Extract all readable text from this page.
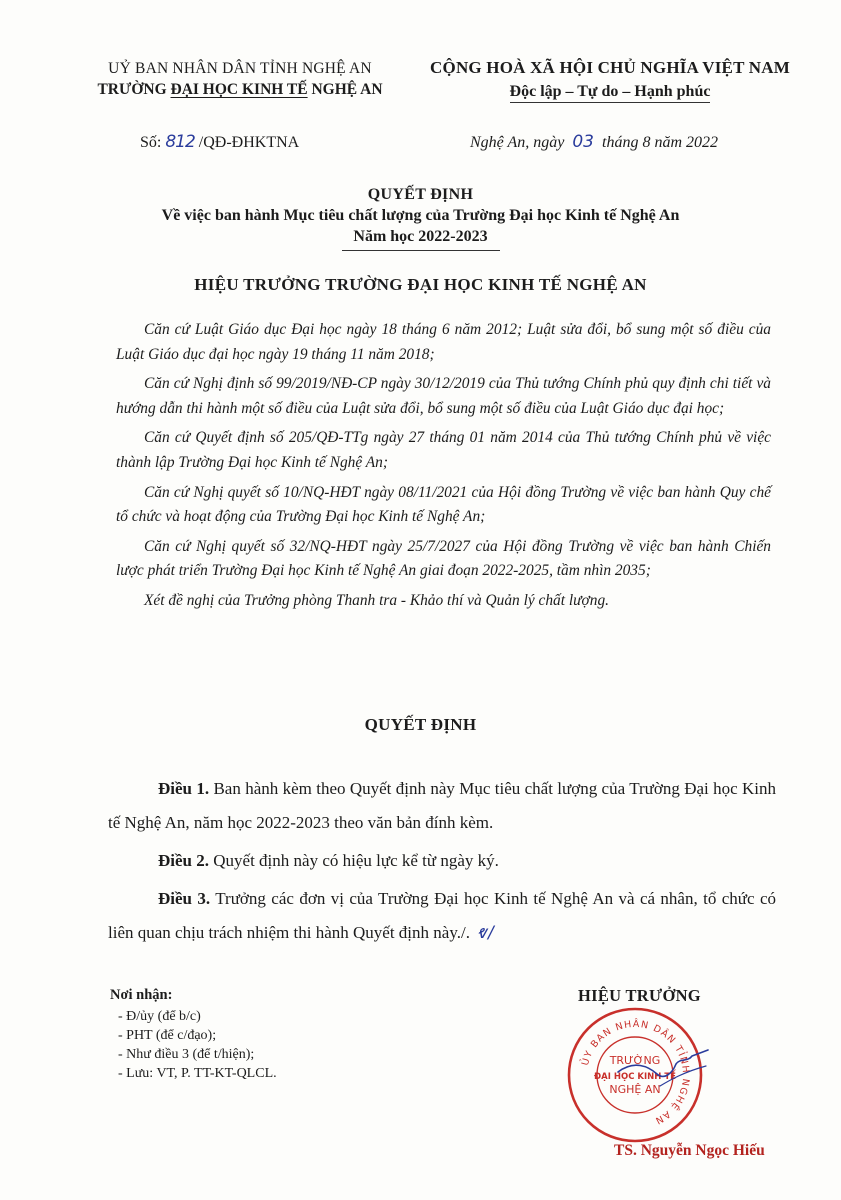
UỶ BAN NHÂN DÂN TỈNH NGHỆ AN
TRƯỜNG ĐẠI HỌC KINH TẾ NGHỆ AN
CỘNG HOÀ XÃ HỘI CHỦ NGHĨA VIỆT NAM
Độc lập – Tự do – Hạnh phúc
Số: 812 /QĐ-ĐHKTNA	Nghệ An, ngày 03 tháng 8 năm 2022
QUYẾT ĐỊNH
Về việc ban hành Mục tiêu chất lượng của Trường Đại học Kinh tế Nghệ An
Năm học 2022-2023
HIỆU TRƯỞNG TRƯỜNG ĐẠI HỌC KINH TẾ NGHỆ AN

Căn cứ Luật Giáo dục Đại học ngày 18 tháng 6 năm 2012; Luật sửa đổi, bổ sung một số điều của Luật Giáo dục đại học ngày 19 tháng 11 năm 2018;

Căn cứ Nghị định số 99/2019/NĐ-CP ngày 30/12/2019 của Thủ tướng Chính phủ quy định chi tiết và hướng dẫn thi hành một số điều của Luật sửa đổi, bổ sung một số điều của Luật Giáo dục đại học;

Căn cứ Quyết định số 205/QĐ-TTg ngày 27 tháng 01 năm 2014 của Thủ tướng Chính phủ về việc thành lập Trường Đại học Kinh tế Nghệ An;

Căn cứ Nghị quyết số 10/NQ-HĐT ngày 08/11/2021 của Hội đồng Trường về việc ban hành Quy chế tổ chức và hoạt động của Trường Đại học Kinh tế Nghệ An;

Căn cứ Nghị quyết số 32/NQ-HĐT ngày 25/7/2027 của Hội đồng Trường về việc ban hành Chiến lược phát triển Trường Đại học Kinh tế Nghệ An giai đoạn 2022-2025, tầm nhìn 2035;

Xét đề nghị của Trưởng phòng Thanh tra - Khảo thí và Quản lý chất lượng.

QUYẾT ĐỊNH

Điều 1. Ban hành kèm theo Quyết định này Mục tiêu chất lượng của Trường Đại học Kinh tế Nghệ An, năm học 2022-2023 theo văn bản đính kèm.

Điều 2. Quyết định này có hiệu lực kể từ ngày ký.

Điều 3. Trưởng các đơn vị của Trường Đại học Kinh tế Nghệ An và cá nhân, tổ chức có liên quan chịu trách nhiệm thi hành Quyết định này./. ⱴ/

Nơi nhận:
- Đ/ủy (để b/c)
- PHT (để c/đạo);
- Như điều 3 (để t/hiện);
- Lưu: VT, P. TT-KT-QLCL.
HIỆU TRƯỞNG
ỦY BAN NHÂN DÂN TỈNH NGHỆ AN
TRƯỜNG
ĐẠI HỌC KINH TẾ
NGHỆ AN
TS. Nguyễn Ngọc Hiếu
